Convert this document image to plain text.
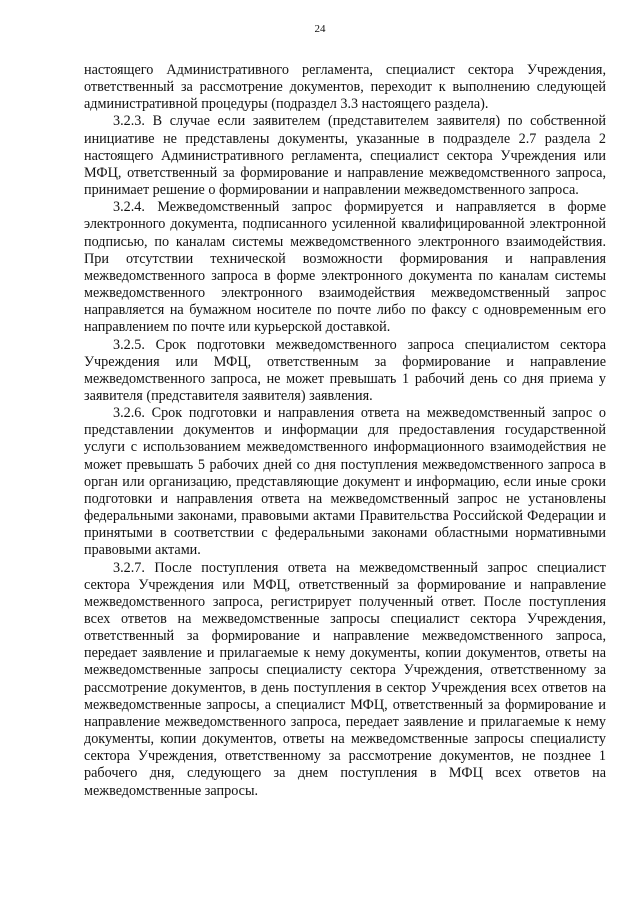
24

настоящего Административного регламента, специалист сектора Учреждения, ответственный за рассмотрение документов, переходит к выполнению следующей административной процедуры (подраздел 3.3 настоящего раздела).

3.2.3. В случае если заявителем (представителем заявителя) по собственной инициативе не представлены документы, указанные в подразделе 2.7 раздела 2 настоящего Административного регламента, специалист сектора Учреждения или МФЦ, ответственный за формирование и направление межведомственного запроса, принимает решение о формировании и направлении межведомственного запроса.

3.2.4. Межведомственный запрос формируется и направляется в форме электронного документа, подписанного усиленной квалифицированной электронной подписью, по каналам системы межведомственного электронного взаимодействия. При отсутствии технической возможности формирования и направления межведомственного запроса в форме электронного документа по каналам системы межведомственного электронного взаимодействия межведомственный запрос направляется на бумажном носителе по почте либо по факсу с одновременным его направлением по почте или курьерской доставкой.

3.2.5. Срок подготовки межведомственного запроса специалистом сектора Учреждения или МФЦ, ответственным за формирование и направление межведомственного запроса, не может превышать 1 рабочий день со дня приема у заявителя (представителя заявителя) заявления.

3.2.6. Срок подготовки и направления ответа на межведомственный запрос о представлении документов и информации для предоставления государственной услуги с использованием межведомственного информационного взаимодействия не может превышать 5 рабочих дней со дня поступления межведомственного запроса в орган или организацию, представляющие документ и информацию, если иные сроки подготовки и направления ответа на межведомственный запрос не установлены федеральными законами, правовыми актами Правительства Российской Федерации и принятыми в соответствии с федеральными законами областными нормативными правовыми актами.

3.2.7. После поступления ответа на межведомственный запрос специалист сектора Учреждения или МФЦ, ответственный за формирование и направление межведомственного запроса, регистрирует полученный ответ. После поступления всех ответов на межведомственные запросы специалист сектора Учреждения, ответственный за формирование и направление межведомственного запроса, передает заявление и прилагаемые к нему документы, копии документов, ответы на межведомственные запросы специалисту сектора Учреждения, ответственному за рассмотрение документов, в день поступления в сектор Учреждения всех ответов на межведомственные запросы, а специалист МФЦ, ответственный за формирование и направление межведомственного запроса, передает заявление и прилагаемые к нему документы, копии документов, ответы на межведомственные запросы специалисту сектора Учреждения, ответственному за рассмотрение документов, не позднее 1 рабочего дня, следующего за днем поступления в МФЦ всех ответов на межведомственные запросы.
